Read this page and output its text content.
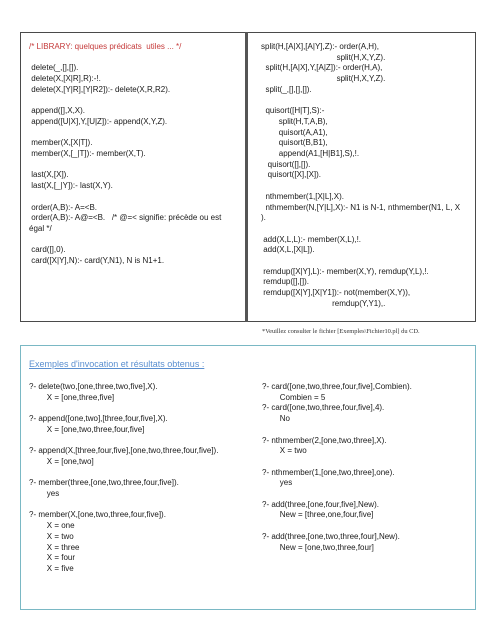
/* LIBRARY: quelques prédicats  utiles ... */

delete(_,[],[]).
delete(X,[X|R],R):-!.
delete(X,[Y|R],[Y|R2]):- delete(X,R,R2).

append([],X,X).
append([U|X],Y,[U|Z]):- append(X,Y,Z).

member(X,[X|T]).
member(X,[_|T]):- member(X,T).

last(X,[X]).
last(X,[_|Y]):- last(X,Y).

order(A,B):- A=<B.
order(A,B):- A@=<B.   /* @=< signifie: précède ou est
égal */

card([],0).
card([X|Y],N):- card(Y,N1), N is N1+1.
split(H,[A|X],[A|Y],Z):- order(A,H),
split(H,X,Y,Z).
split(H,[A|X],Y,[A|Z]):- order(H,A),
split(H,X,Y,Z).
split(_,[],[],[]).

quisort([H|T],S):-
split(H,T,A,B),
quisort(A,A1),
quisort(B,B1),
append(A1,[H|B1],S),!.
quisort([],[]).
quisort([X],[X]).

nthmember(1,[X|L],X).
nthmember(N,[Y|L],X):- N1 is N-1, nthmember(N1, L, X
).

add(X,L,L):- member(X,L),!.
add(X,L,[X|L]).

remdup([X|Y],L):- member(X,Y), remdup(Y,L),!.
remdup([],[]).
remdup([X|Y],[X|Y1]):- not(member(X,Y)),
remdup(Y,Y1),.
*Veuillez consulter le fichier [Exemples\Fichier10.pl] du CD.
Exemples d'invocation et résultats obtenus :
?- delete(two,[one,three,two,five],X).
X = [one,three,five]

?- append([one,two],[three,four,five],X).
X = [one,two,three,four,five]

?- append(X,[three,four,five],[one,two,three,four,five]).
X = [one,two]

?- member(three,[one,two,three,four,five]).
yes

?- member(X,[one,two,three,four,five]).
X = one
X = two
X = three
X = four
X = five
?- card([one,two,three,four,five],Combien).
Combien = 5
?- card([one,two,three,four,five],4).
No

?- nthmember(2,[one,two,three],X).
X = two

?- nthmember(1,[one,two,three],one).
yes

?- add(three,[one,four,five],New).
New = [three,one,four,five]

?- add(three,[one,two,three,four],New).
New = [one,two,three,four]
